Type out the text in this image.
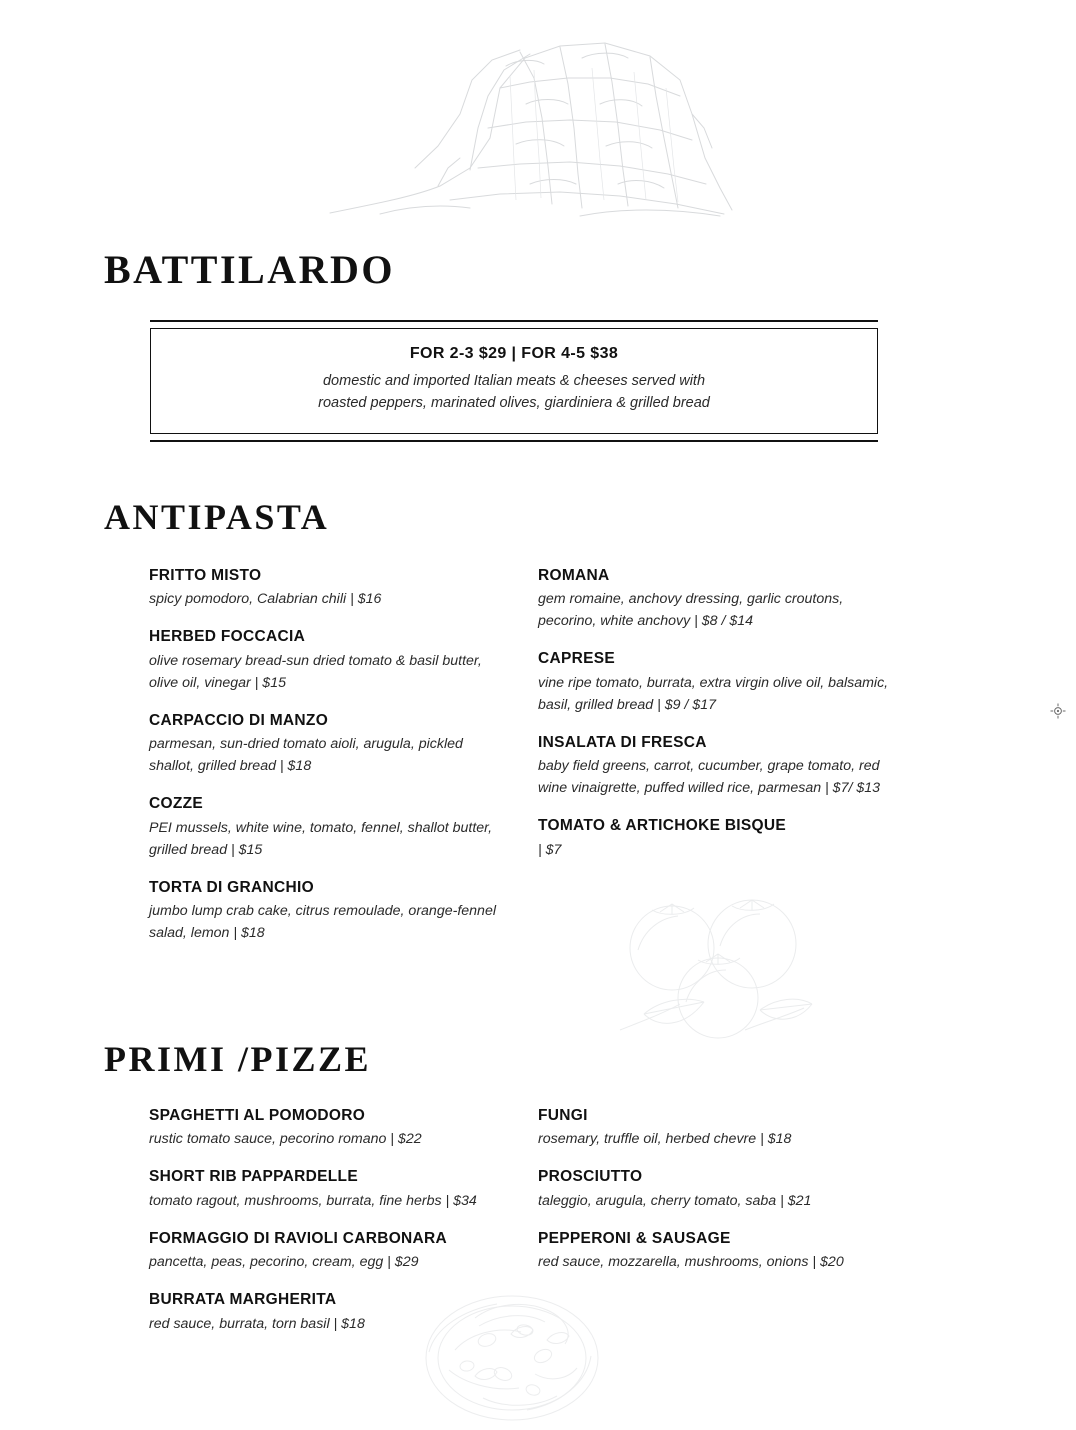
BATTILARDO
FOR 2-3 $29 | FOR 4-5 $38
domestic and imported Italian meats & cheeses served with
roasted peppers, marinated olives, giardiniera & grilled bread
ANTIPASTA
FRITTO MISTO
spicy pomodoro, Calabrian chili | $16
HERBED FOCCACIA
olive rosemary bread-sun dried tomato & basil butter, olive oil, vinegar | $15
CARPACCIO DI MANZO
parmesan, sun-dried tomato aioli, arugula, pickled shallot, grilled bread | $18
COZZE
PEI mussels, white wine, tomato, fennel, shallot butter, grilled bread | $15
TORTA DI GRANCHIO
jumbo lump crab cake, citrus remoulade, orange-fennel salad, lemon | $18
ROMANA
gem romaine, anchovy dressing, garlic croutons, pecorino, white anchovy | $8 / $14
CAPRESE
vine ripe tomato, burrata, extra virgin olive oil, balsamic, basil, grilled bread | $9 / $17
INSALATA DI FRESCA
baby field greens, carrot, cucumber, grape tomato, red wine vinaigrette, puffed willed rice, parmesan | $7/ $13
TOMATO & ARTICHOKE BISQUE
| $7
PRIMI /PIZZE
SPAGHETTI AL POMODORO
rustic tomato sauce, pecorino romano | $22
SHORT RIB PAPPARDELLE
tomato ragout, mushrooms, burrata, fine herbs | $34
FORMAGGIO DI RAVIOLI CARBONARA
pancetta, peas, pecorino, cream, egg | $29
BURRATA MARGHERITA
red sauce, burrata, torn basil | $18
FUNGI
rosemary, truffle oil, herbed chevre | $18
PROSCIUTTO
taleggio, arugula, cherry tomato, saba | $21
PEPPERONI & SAUSAGE
red sauce, mozzarella, mushrooms, onions | $20
